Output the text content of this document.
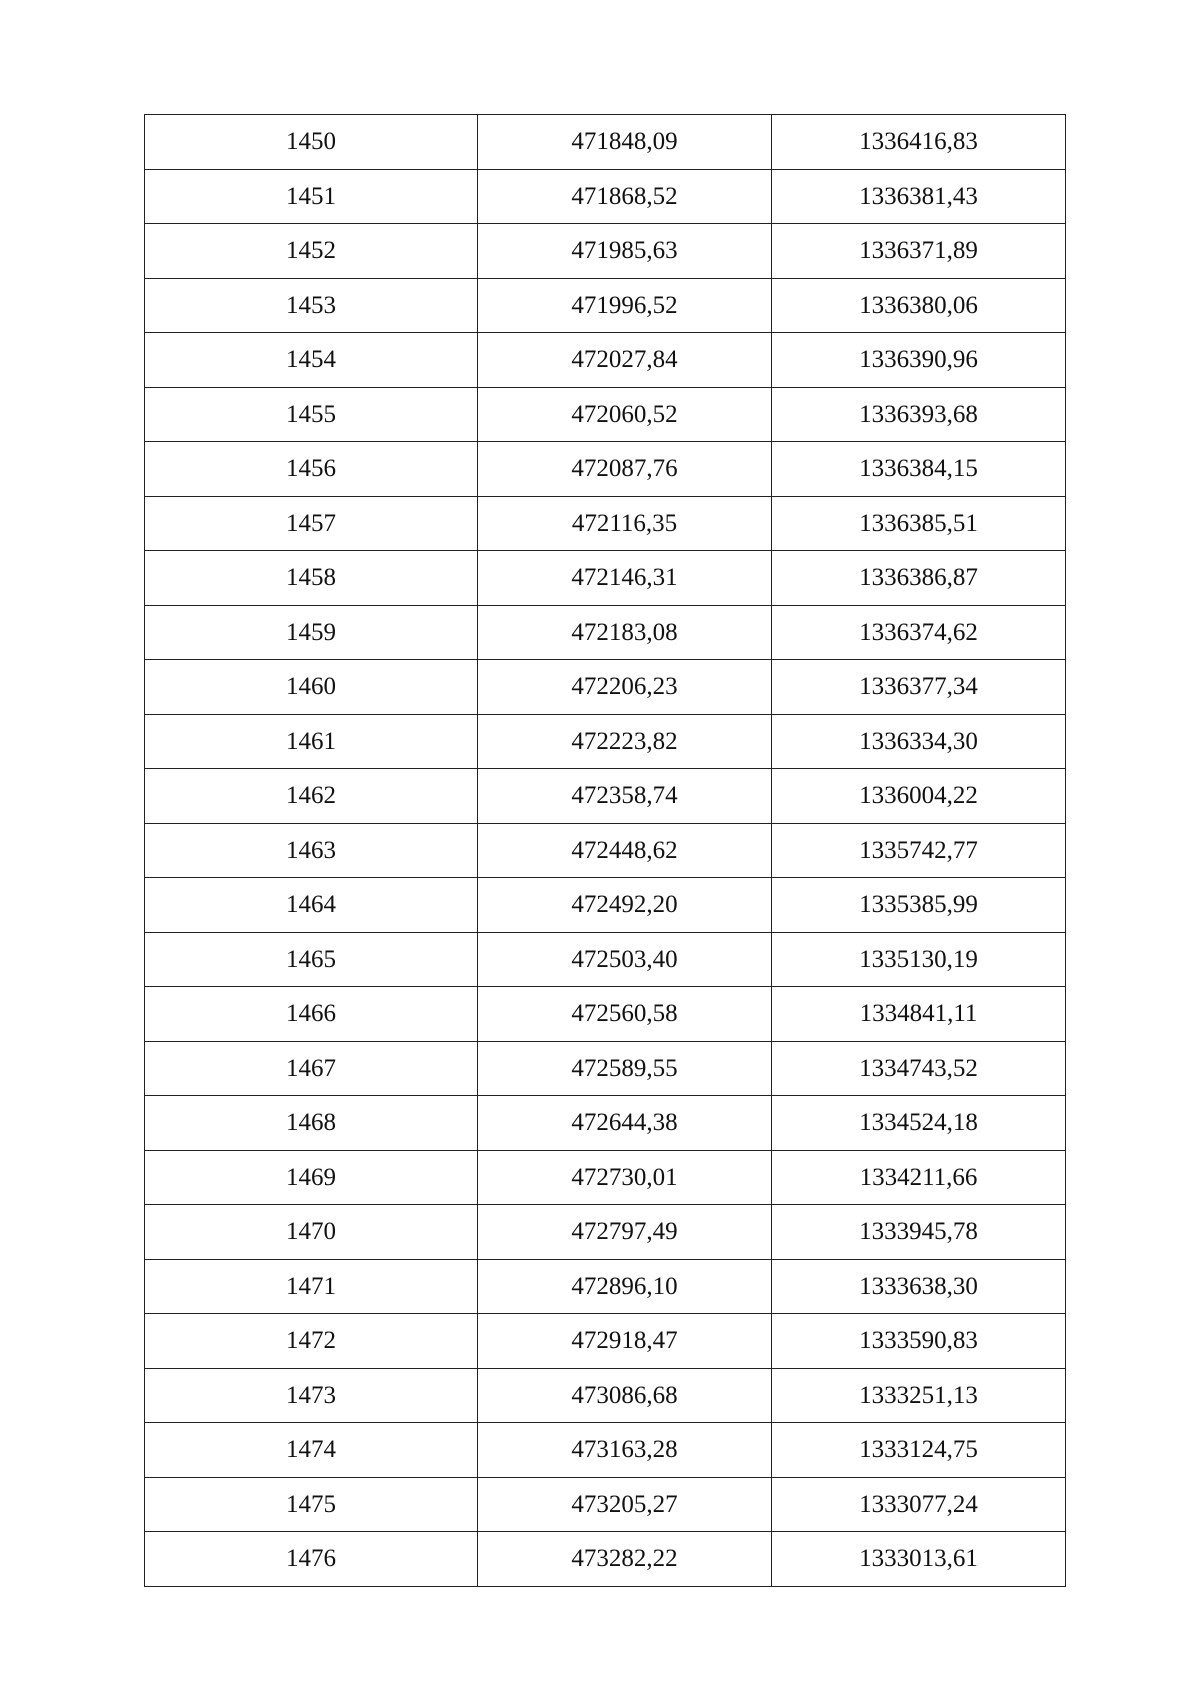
1450	471848,09	1336416,83
1451	471868,52	1336381,43
1452	471985,63	1336371,89
1453	471996,52	1336380,06
1454	472027,84	1336390,96
1455	472060,52	1336393,68
1456	472087,76	1336384,15
1457	472116,35	1336385,51
1458	472146,31	1336386,87
1459	472183,08	1336374,62
1460	472206,23	1336377,34
1461	472223,82	1336334,30
1462	472358,74	1336004,22
1463	472448,62	1335742,77
1464	472492,20	1335385,99
1465	472503,40	1335130,19
1466	472560,58	1334841,11
1467	472589,55	1334743,52
1468	472644,38	1334524,18
1469	472730,01	1334211,66
1470	472797,49	1333945,78
1471	472896,10	1333638,30
1472	472918,47	1333590,83
1473	473086,68	1333251,13
1474	473163,28	1333124,75
1475	473205,27	1333077,24
1476	473282,22	1333013,61
